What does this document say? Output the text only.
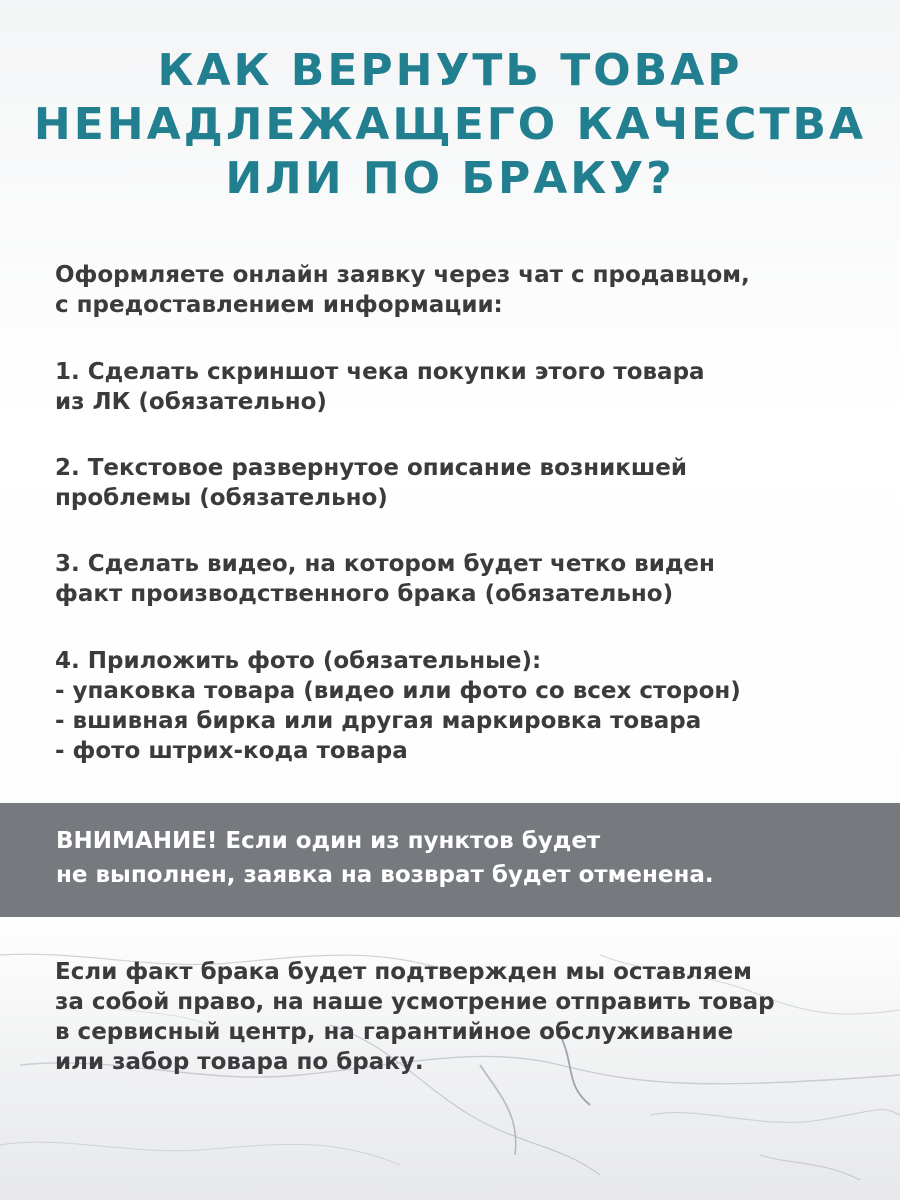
КАК ВЕРНУТЬ ТОВАР
НЕНАДЛЕЖАЩЕГО КАЧЕСТВА
ИЛИ ПО БРАКУ?
Оформляете онлайн заявку через чат с продавцом,
с предоставлением информации:
1. Сделать скриншот чека покупки этого товара
из ЛК (обязательно)
2. Текстовое развернутое описание возникшей
проблемы (обязательно)
3. Сделать видео, на котором будет четко виден
факт производственного брака (обязательно)
4. Приложить фото (обязательные):
- упаковка товара (видео или фото со всех сторон)
- вшивная бирка или другая маркировка товара
- фото штрих-кода товара
ВНИМАНИЕ! Если один из пунктов будет
не выполнен, заявка на возврат будет отменена.
Если факт брака будет подтвержден мы оставляем
за собой право, на наше усмотрение отправить товар
в сервисный центр, на гарантийное обслуживание
или забор товара по браку.
